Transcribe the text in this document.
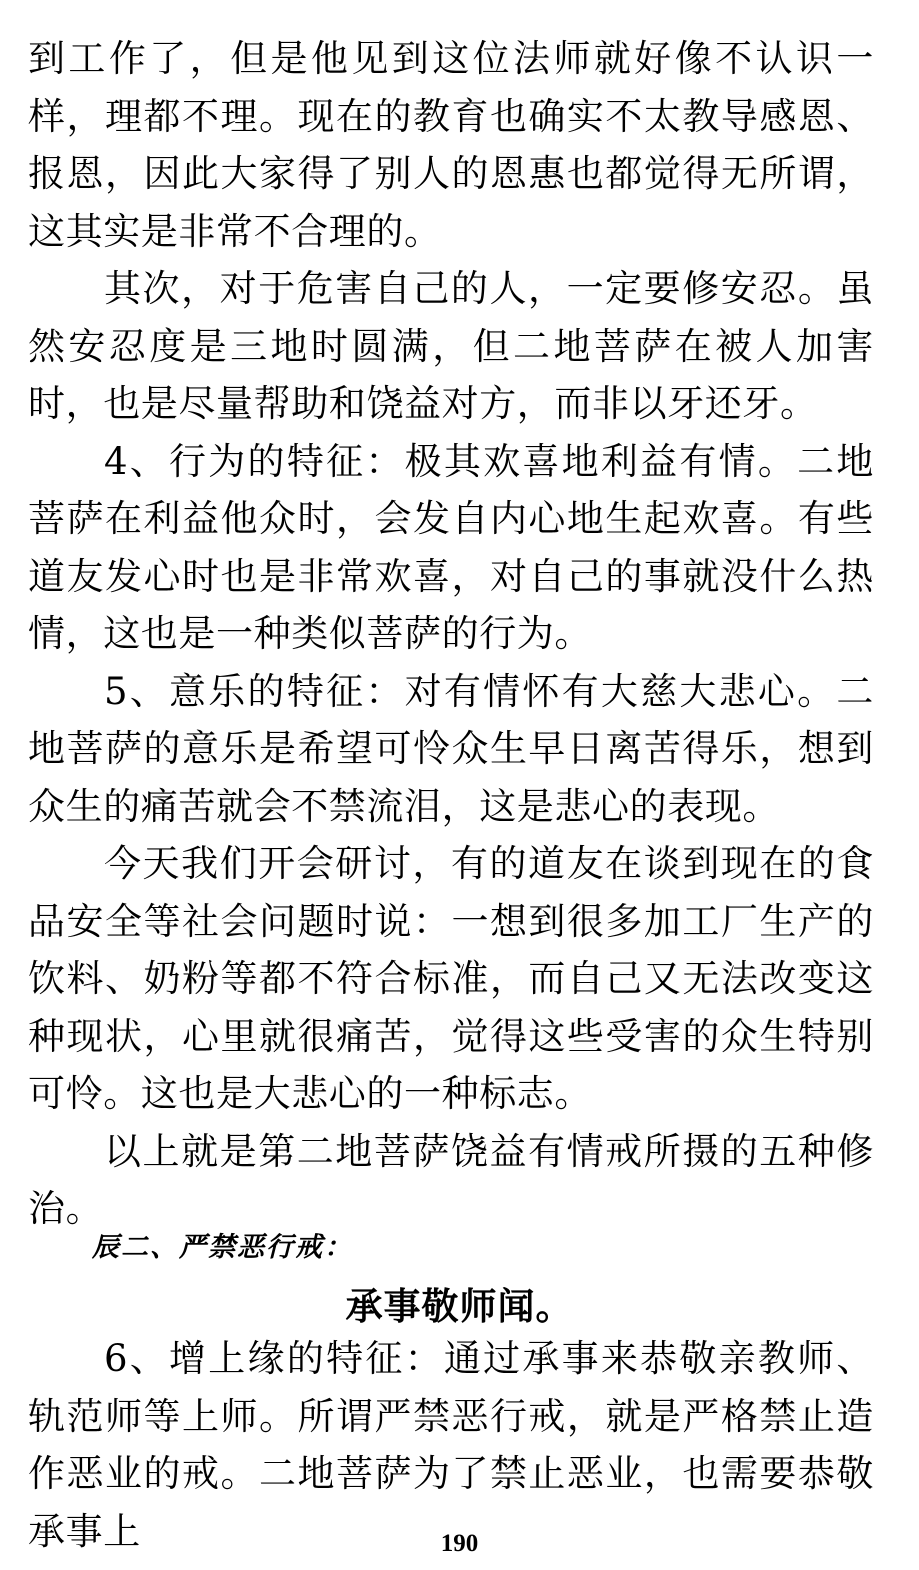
到工作了，但是他见到这位法师就好像不认识一样，理都不理。现在的教育也确实不太教导感恩、报恩，因此大家得了别人的恩惠也都觉得无所谓，这其实是非常不合理的。

其次，对于危害自己的人，一定要修安忍。虽然安忍度是三地时圆满，但二地菩萨在被人加害时，也是尽量帮助和饶益对方，而非以牙还牙。

4、行为的特征：极其欢喜地利益有情。二地菩萨在利益他众时，会发自内心地生起欢喜。有些道友发心时也是非常欢喜，对自己的事就没什么热情，这也是一种类似菩萨的行为。

5、意乐的特征：对有情怀有大慈大悲心。二地菩萨的意乐是希望可怜众生早日离苦得乐，想到众生的痛苦就会不禁流泪，这是悲心的表现。

今天我们开会研讨，有的道友在谈到现在的食品安全等社会问题时说：一想到很多加工厂生产的饮料、奶粉等都不符合标准，而自己又无法改变这种现状，心里就很痛苦，觉得这些受害的众生特别可怜。这也是大悲心的一种标志。

以上就是第二地菩萨饶益有情戒所摄的五种修治。

辰二、严禁恶行戒：
承事敬师闻。

6、增上缘的特征：通过承事来恭敬亲教师、轨范师等上师。所谓严禁恶行戒，就是严格禁止造作恶业的戒。二地菩萨为了禁止恶业，也需要恭敬承事上	190
